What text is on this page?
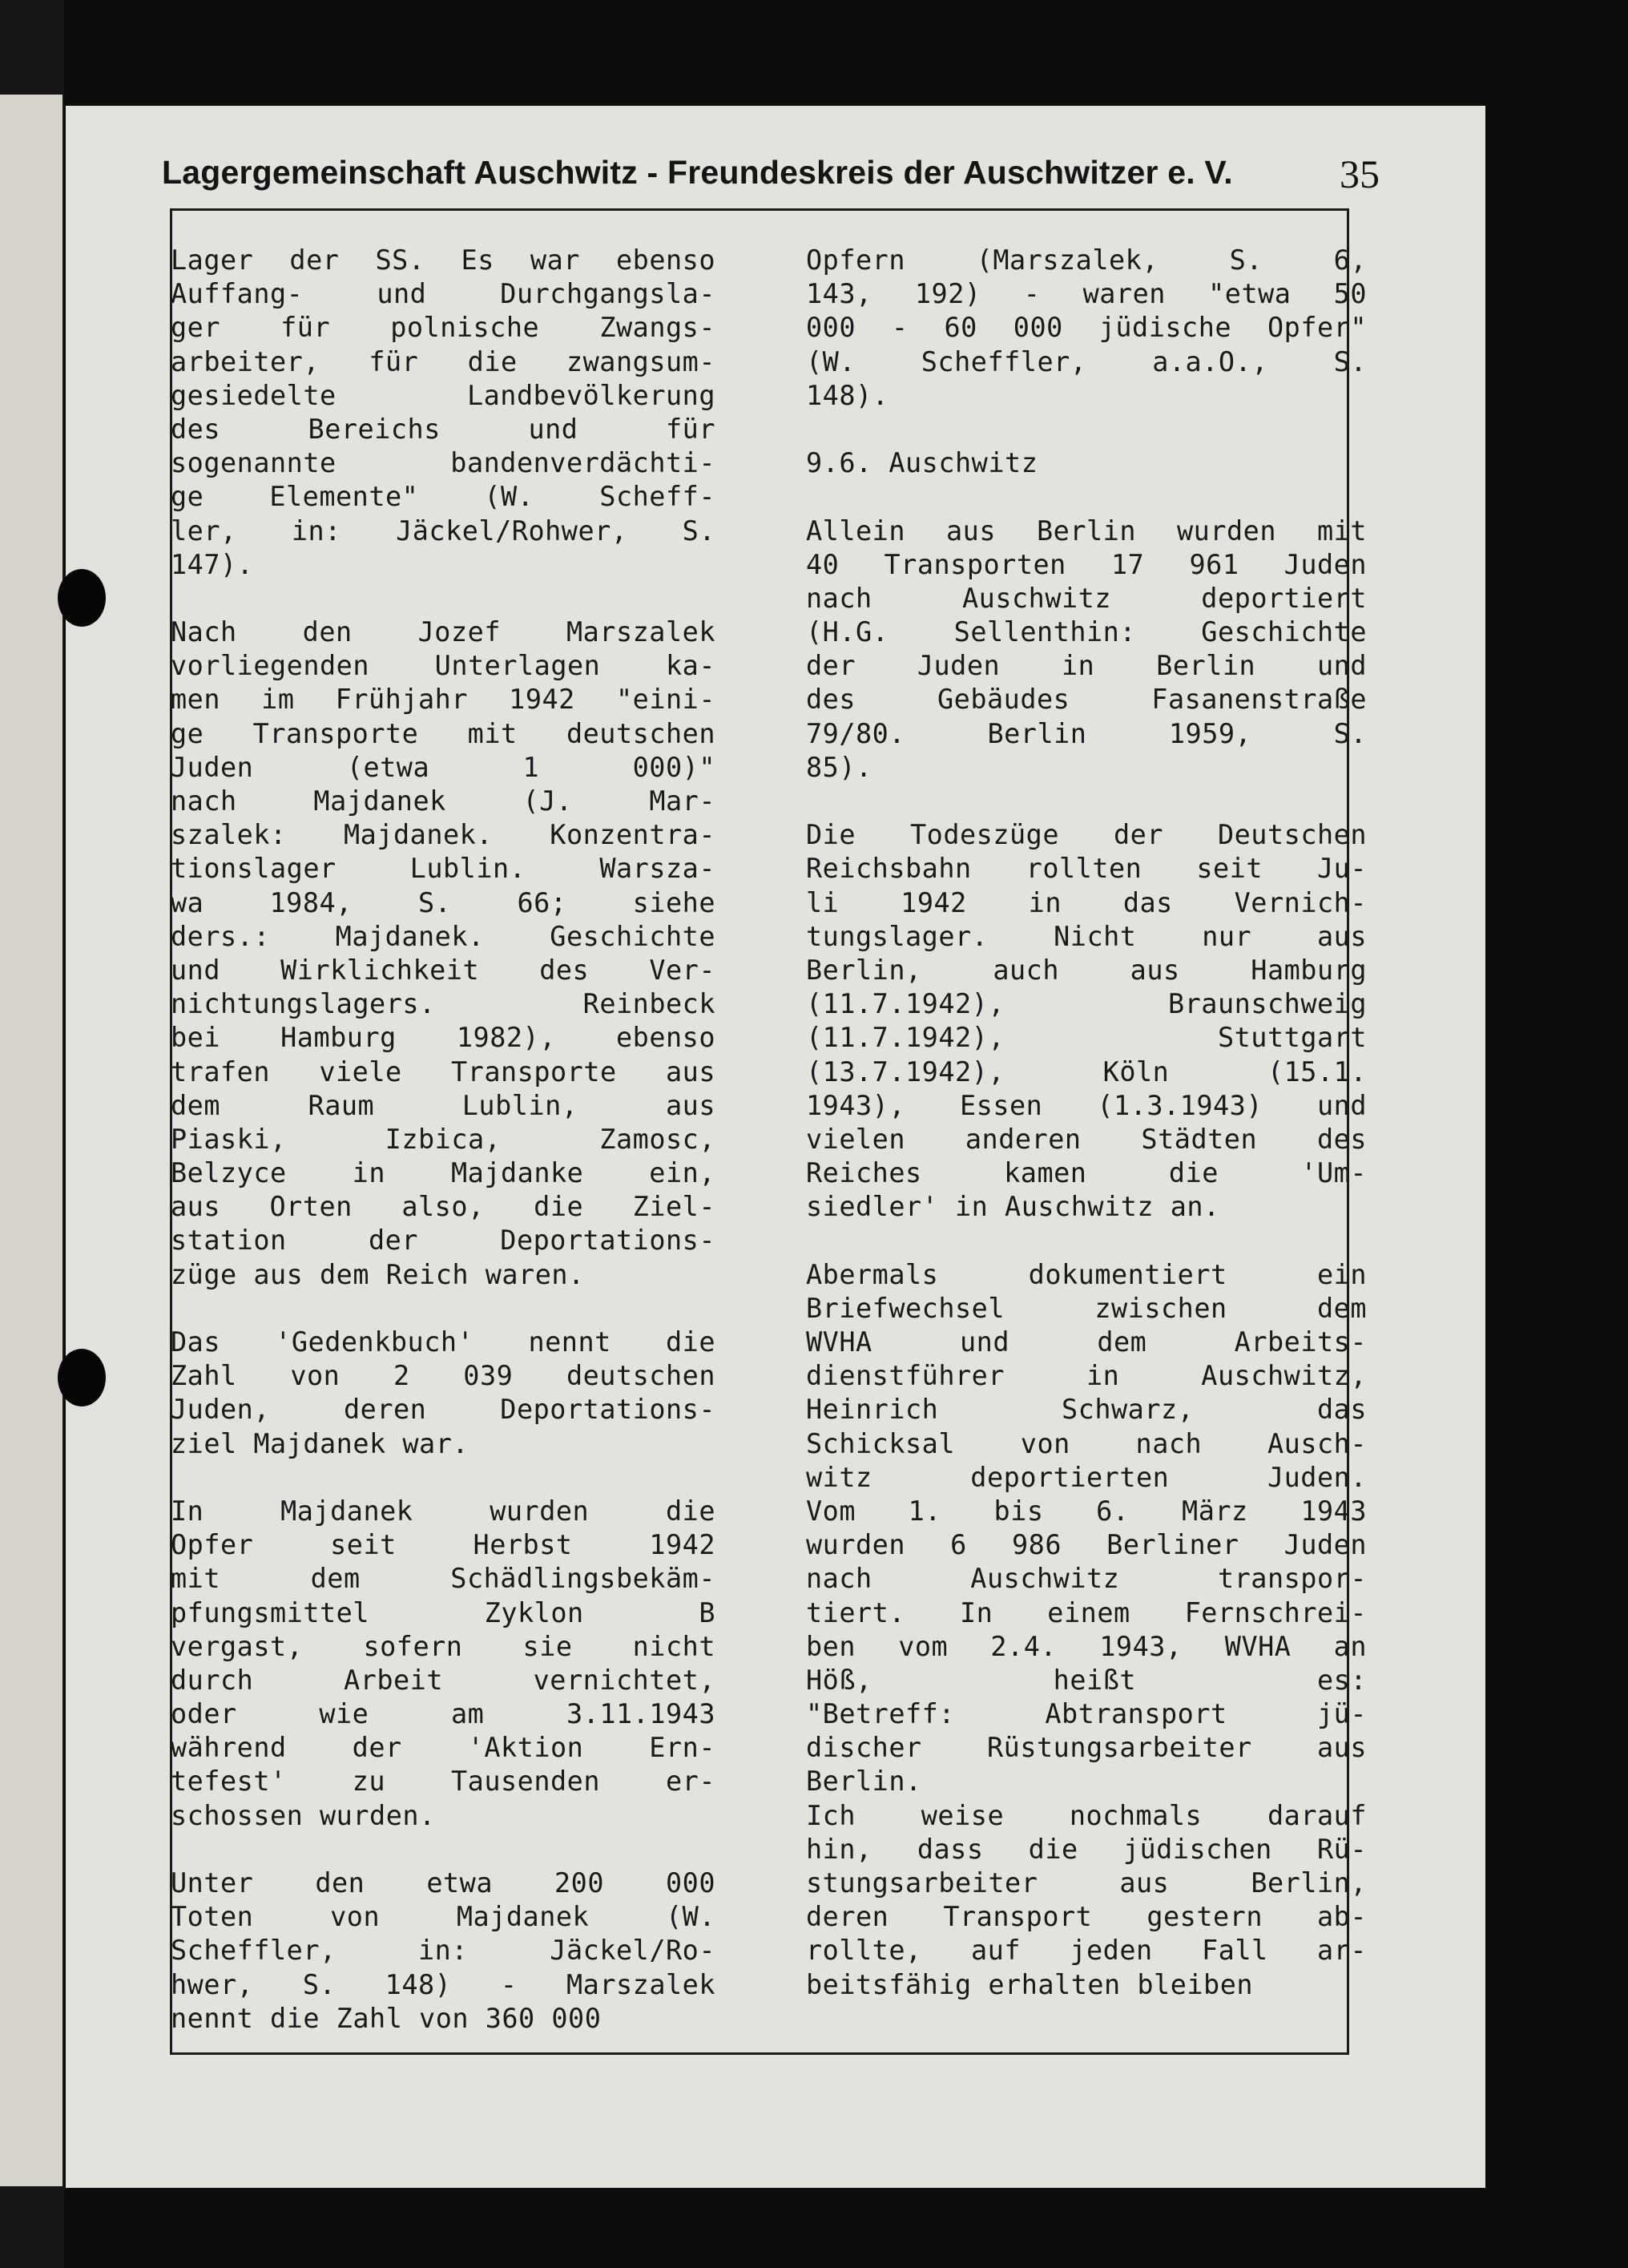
Lagergemeinschaft Auschwitz - Freundeskreis der Auschwitzer e. V.	35
Lager der SS. Es war ebenso
Auffang- und Durchgangsla-
ger für polnische Zwangs-
arbeiter, für die zwangsum-
gesiedelte Landbevölkerung
des Bereichs und für
sogenannte bandenverdächti-
ge Elemente" (W. Scheff-
ler, in: Jäckel/Rohwer, S.
147).
Nach den Jozef Marszalek
vorliegenden Unterlagen ka-
men im Frühjahr 1942 "eini-
ge Transporte mit deutschen
Juden (etwa 1 000)"
nach Majdanek (J. Mar-
szalek: Majdanek. Konzentra-
tionslager Lublin. Warsza-
wa 1984, S. 66; siehe
ders.: Majdanek. Geschichte
und Wirklichkeit des Ver-
nichtungslagers. Reinbeck
bei Hamburg 1982), ebenso
trafen viele Transporte aus
dem Raum Lublin, aus
Piaski, Izbica, Zamosc,
Belzyce in Majdanke ein,
aus Orten also, die Ziel-
station der Deportations-
züge aus dem Reich waren.
Das 'Gedenkbuch' nennt die
Zahl von 2 039 deutschen
Juden, deren Deportations-
ziel Majdanek war.
In Majdanek wurden die
Opfer seit Herbst 1942
mit dem Schädlingsbekäm-
pfungsmittel Zyklon B
vergast, sofern sie nicht
durch Arbeit vernichtet,
oder wie am 3.11.1943
während der 'Aktion Ern-
tefest' zu Tausenden er-
schossen wurden.
Unter den etwa 200 000
Toten von Majdanek (W.
Scheffler, in: Jäckel/Ro-
hwer, S. 148) - Marszalek
nennt die Zahl von 360 000
Opfern (Marszalek, S. 6,
143, 192) - waren "etwa 50
000 - 60 000 jüdische Opfer"
(W. Scheffler, a.a.O., S.
148).
9.6. Auschwitz
Allein aus Berlin wurden mit
40 Transporten 17 961 Juden
nach Auschwitz deportiert
(H.G. Sellenthin: Geschichte
der Juden in Berlin und
des Gebäudes Fasanenstraße
79/80. Berlin 1959, S.
85).
Die Todeszüge der Deutschen
Reichsbahn rollten seit Ju-
li 1942 in das Vernich-
tungslager. Nicht nur aus
Berlin, auch aus Hamburg
(11.7.1942), Braunschweig
(11.7.1942), Stuttgart
(13.7.1942), Köln (15.1.
1943), Essen (1.3.1943) und
vielen anderen Städten des
Reiches kamen die 'Um-
siedler' in Auschwitz an.
Abermals dokumentiert ein
Briefwechsel zwischen dem
WVHA und dem Arbeits-
dienstführer in Auschwitz,
Heinrich Schwarz, das
Schicksal von nach Ausch-
witz deportierten Juden.
Vom 1. bis 6. März 1943
wurden 6 986 Berliner Juden
nach Auschwitz transpor-
tiert. In einem Fernschrei-
ben vom 2.4. 1943, WVHA an
Höß, heißt es:
"Betreff: Abtransport jü-
discher Rüstungsarbeiter aus
Berlin.
Ich weise nochmals darauf
hin, dass die jüdischen Rü-
stungsarbeiter aus Berlin,
deren Transport gestern ab-
rollte, auf jeden Fall ar-
beitsfähig erhalten bleiben
